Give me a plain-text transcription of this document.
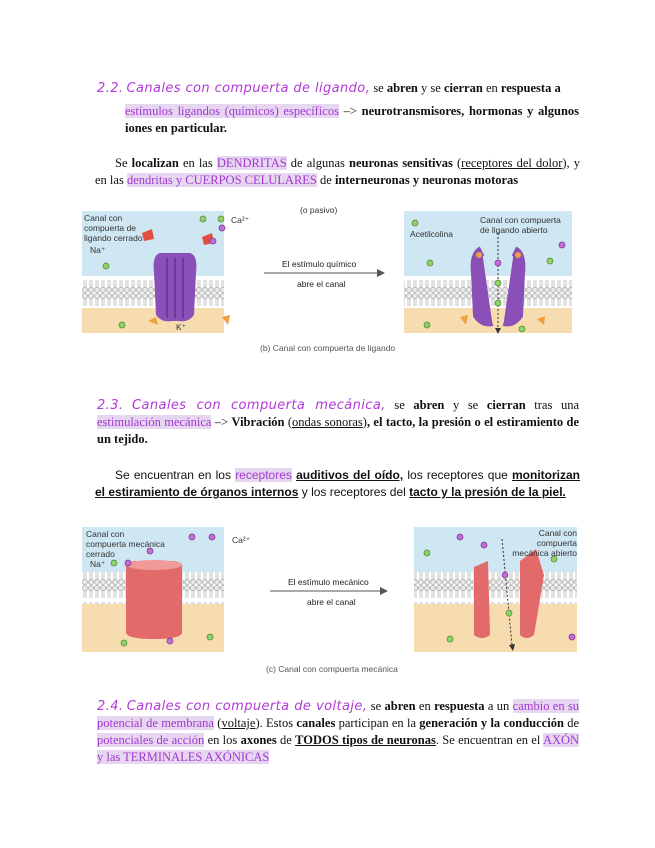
2.2. Canales con compuerta de ligando, se abren y se cierran en respuesta a
estímulos ligandos (químicos) específicos –> neurotransmisores, hormonas y algunos iones en particular.
Se localizan en las DENDRITAS de algunas neuronas sensitivas (receptores del dolor), y en las dendritas y CUERPOS CELULARES de interneuronas y neuronas motoras
Canal con compuerta de ligando cerrado
Ca²⁺
Na⁺
K⁺
(o pasivo)
El estímulo químico
abre el canal
Canal con compuerta de ligando abierto
Acetilcolina
(b) Canal con compuerta de ligando
2.3. Canales con compuerta mecánica, se abren y se cierran tras una estimulación mecánica –> Vibración (ondas sonoras), el tacto, la presión o el estiramiento de un tejido.
Se encuentran en los receptores auditivos del oído, los receptores que monitorizan el estiramiento de órganos internos y los receptores del tacto y la presión de la piel.
Canal con compuerta mecánica cerrado
Ca²⁺
Na⁺
El estímulo mecánico
abre el canal
Canal con compuerta mecánica abierto
(c) Canal con compuerta mecánica
2.4. Canales con compuerta de voltaje, se abren en respuesta a un cambio en su potencial de membrana (voltaje). Estos canales participan en la generación y la conducción de potenciales de acción en los axones de TODOS tipos de neuronas. Se encuentran en el AXÓN y las TERMINALES AXÓNICAS
